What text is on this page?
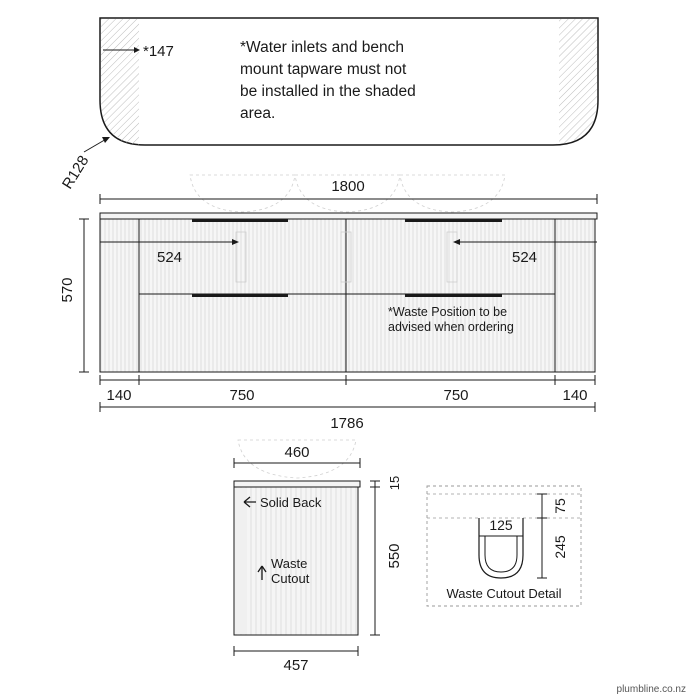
*147	*Water inlets and bench mount tapware must not be installed in the shaded area.
R128	1800
524	524
*Waste Position to be advised when ordering
570
140	750	750	140
1786
460
Solid Back
Waste Cutout
15
550
457
125
75
245
Waste Cutout Detail
plumbline.co.nz
